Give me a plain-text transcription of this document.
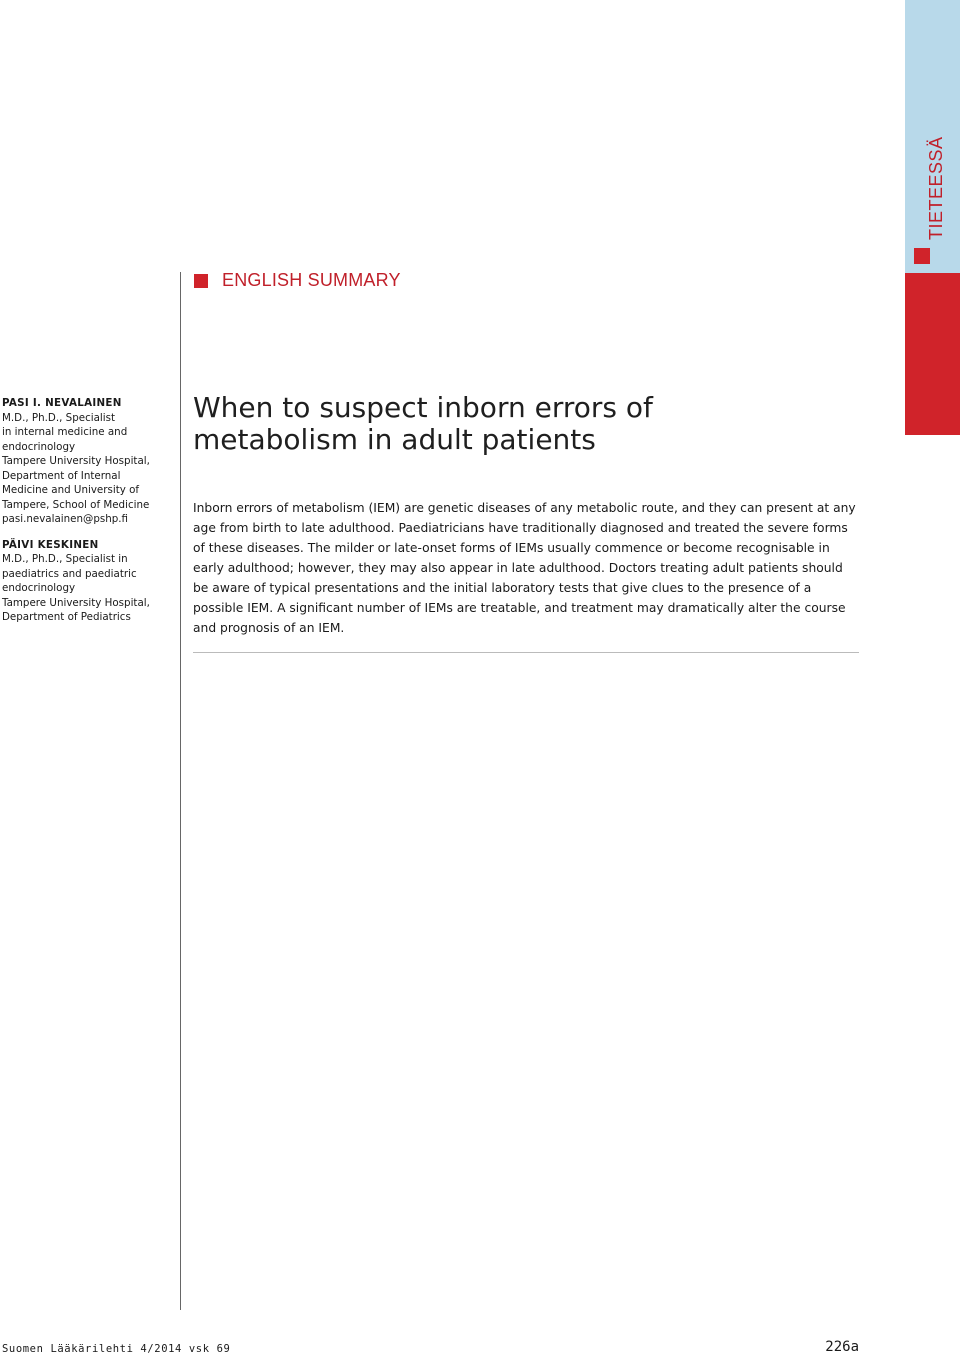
TIETEESSÄ
ENGLISH SUMMARY
PASI I. NEVALAINEN
M.D., Ph.D., Specialist
in internal medicine and
endocrinology
Tampere University Hospital,
Department of Internal
Medicine and University of
Tampere, School of Medicine
pasi.nevalainen@pshp.fi
PÄIVI KESKINEN
M.D., Ph.D., Specialist in
paediatrics and paediatric
endocrinology
Tampere University Hospital,
Department of Pediatrics
When to suspect inborn errors of
metabolism in adult patients

Inborn errors of metabolism (IEM) are genetic diseases of any metabolic route, and they can present at any age from birth to late adulthood. Paediatricians have traditionally diagnosed and treated the severe forms of these diseases. The milder or late-onset forms of IEMs usually commence or become recognisable in early adulthood; however, they may also appear in late adulthood. Doctors treating adult patients should be aware of typical presentations and the initial laboratory tests that give clues to the presence of a possible IEM. A significant number of IEMs are treatable, and treatment may dramatically alter the course and prognosis of an IEM.

Suomen Lääkärilehti 4/2014 vsk 69	226a
